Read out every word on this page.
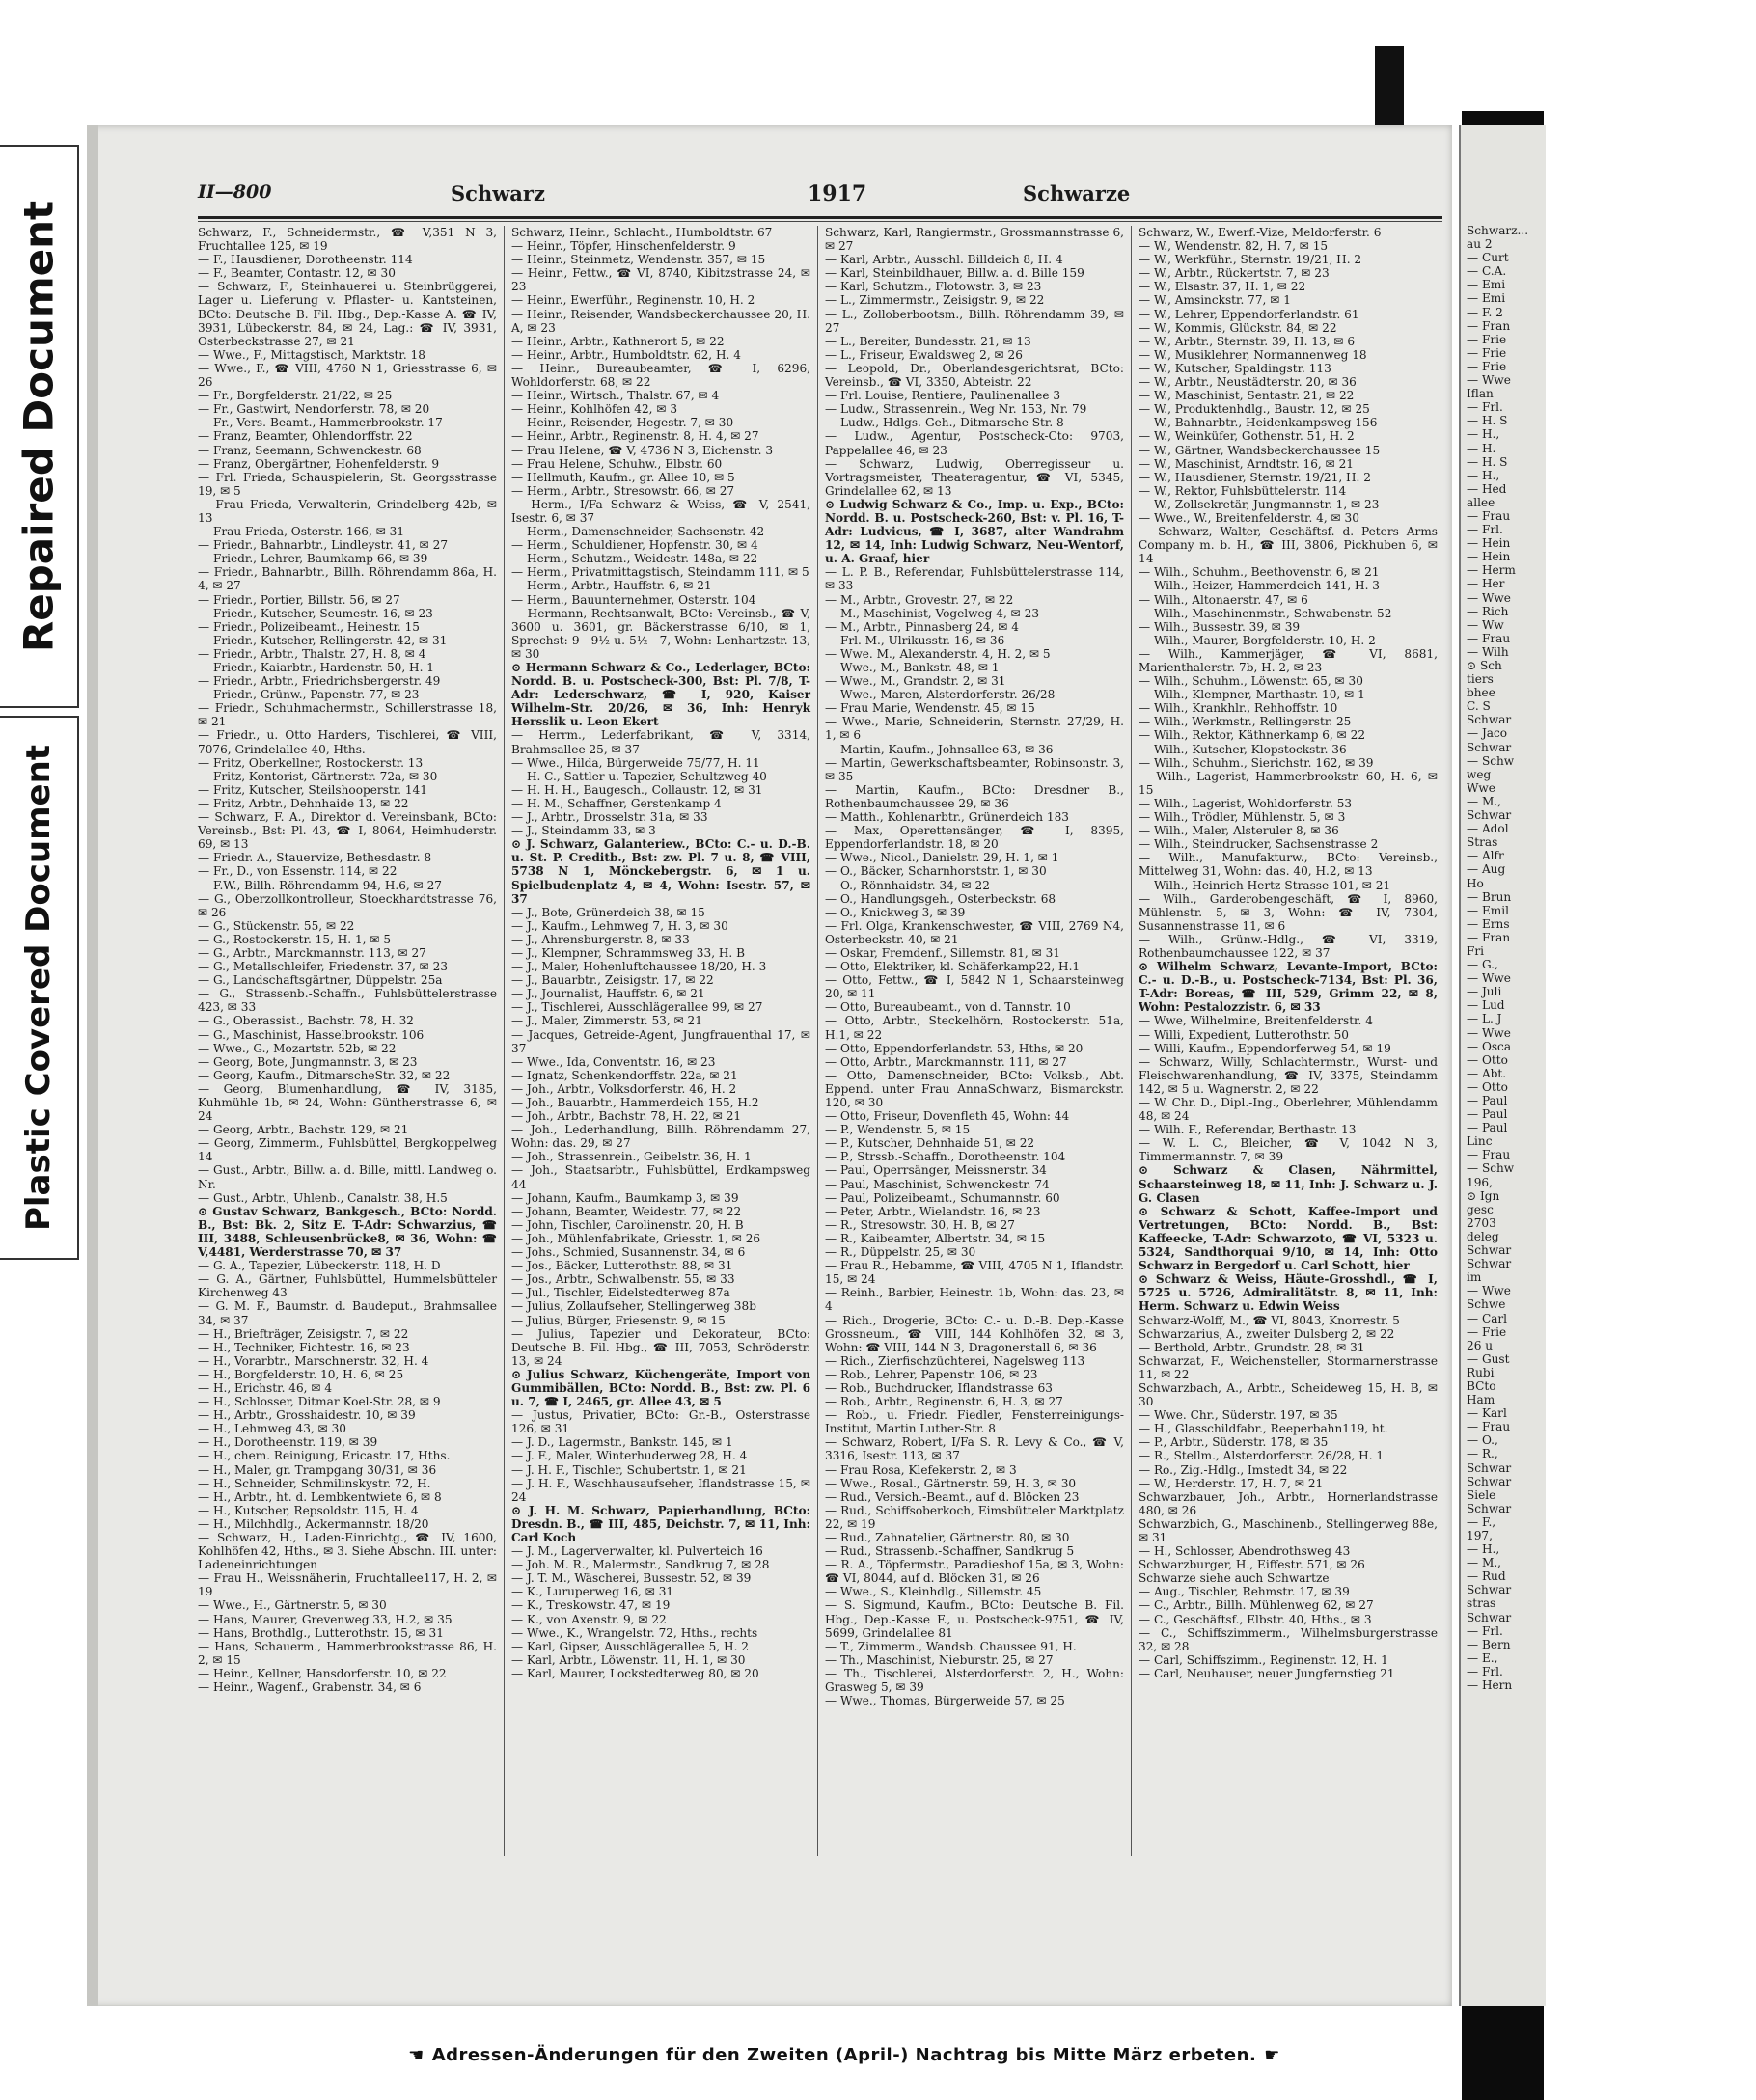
Repaired Document
Plastic Covered Document
II—800	Schwarz	1917	Schwarze

Schwarz, F., Schneidermstr., ☎ V,351 N 3, Fruchtallee 125, ✉ 19

— F., Hausdiener, Dorotheenstr. 114

— F., Beamter, Contastr. 12, ✉ 30

— Schwarz, F., Steinhauerei u. Steinbrüggerei, Lager u. Lieferung v. Pflaster- u. Kantsteinen, BCto: Deutsche B. Fil. Hbg., Dep.-Kasse A. ☎ IV, 3931, Lübeckerstr. 84, ✉ 24, Lag.: ☎ IV, 3931, Osterbeckstrasse 27, ✉ 21

— Wwe., F., Mittagstisch, Marktstr. 18

— Wwe., F., ☎ VIII, 4760 N 1, Griesstrasse 6, ✉ 26

— Fr., Borgfelderstr. 21/22, ✉ 25

— Fr., Gastwirt, Nendorferstr. 78, ✉ 20

— Fr., Vers.-Beamt., Hammerbrookstr. 17

— Franz, Beamter, Ohlendorffstr. 22

— Franz, Seemann, Schwenckestr. 68

— Franz, Obergärtner, Hohenfelderstr. 9

— Frl. Frieda, Schauspielerin, St. Georgsstrasse 19, ✉ 5

— Frau Frieda, Verwalterin, Grindelberg 42b, ✉ 13

— Frau Frieda, Osterstr. 166, ✉ 31

— Friedr., Bahnarbtr., Lindleystr. 41, ✉ 27

— Friedr., Lehrer, Baumkamp 66, ✉ 39

— Friedr., Bahnarbtr., Billh. Röhrendamm 86a, H. 4, ✉ 27

— Friedr., Portier, Billstr. 56, ✉ 27

— Friedr., Kutscher, Seumestr. 16, ✉ 23

— Friedr., Polizeibeamt., Heinestr. 15

— Friedr., Kutscher, Rellingerstr. 42, ✉ 31

— Friedr., Arbtr., Thalstr. 27, H. 8, ✉ 4

— Friedr., Kaiarbtr., Hardenstr. 50, H. 1

— Friedr., Arbtr., Friedrichsbergerstr. 49

— Friedr., Grünw., Papenstr. 77, ✉ 23

— Friedr., Schuhmachermstr., Schillerstrasse 18, ✉ 21

— Friedr., u. Otto Harders, Tischlerei, ☎ VIII, 7076, Grindelallee 40, Hths.

— Fritz, Oberkellner, Rostockerstr. 13

— Fritz, Kontorist, Gärtnerstr. 72a, ✉ 30

— Fritz, Kutscher, Steilshooperstr. 141

— Fritz, Arbtr., Dehnhaide 13, ✉ 22

— Schwarz, F. A., Direktor d. Vereinsbank, BCto: Vereinsb., Bst: Pl. 43, ☎ I, 8064, Heimhuderstr. 69, ✉ 13

— Friedr. A., Stauervize, Bethesdastr. 8

— Fr., D., von Essenstr. 114, ✉ 22

— F.W., Billh. Röhrendamm 94, H.6, ✉ 27

— G., Oberzollkontrolleur, Stoeckhardtstrasse 76, ✉ 26

— G., Stückenstr. 55, ✉ 22

— G., Rostockerstr. 15, H. 1, ✉ 5

— G., Arbtr., Marckmannstr. 113, ✉ 27

— G., Metallschleifer, Friedenstr. 37, ✉ 23

— G., Landschaftsgärtner, Düppelstr. 25a

— G., Strassenb.-Schaffn., Fuhlsbüttelerstrasse 423, ✉ 33

— G., Oberassist., Bachstr. 78, H. 32

— G., Maschinist, Hasselbrookstr. 106

— Wwe., G., Mozartstr. 52b, ✉ 22

— Georg, Bote, Jungmannstr. 3, ✉ 23

— Georg, Kaufm., DitmarscheStr. 32, ✉ 22

— Georg, Blumenhandlung, ☎ IV, 3185, Kuhmühle 1b, ✉ 24, Wohn: Güntherstrasse 6, ✉ 24

— Georg, Arbtr., Bachstr. 129, ✉ 21

— Georg, Zimmerm., Fuhlsbüttel, Bergkoppelweg 14

— Gust., Arbtr., Billw. a. d. Bille, mittl. Landweg o. Nr.

— Gust., Arbtr., Uhlenb., Canalstr. 38, H.5

⊙ Gustav Schwarz, Bankgesch., BCto: Nordd. B., Bst: Bk. 2, Sitz E. T-Adr: Schwarzius, ☎ III, 3488, Schleusenbrücke8, ✉ 36, Wohn: ☎ V,4481, Werderstrasse 70, ✉ 37

— G. A., Tapezier, Lübeckerstr. 118, H. D

— G. A., Gärtner, Fuhlsbüttel, Hummelsbütteler Kirchenweg 43

— G. M. F., Baumstr. d. Baudeput., Brahmsallee 34, ✉ 37

— H., Briefträger, Zeisigstr. 7, ✉ 22

— H., Techniker, Fichtestr. 16, ✉ 23

— H., Vorarbtr., Marschnerstr. 32, H. 4

— H., Borgfelderstr. 10, H. 6, ✉ 25

— H., Erichstr. 46, ✉ 4

— H., Schlosser, Ditmar Koel-Str. 28, ✉ 9

— H., Arbtr., Grosshaidestr. 10, ✉ 39

— H., Lehmweg 43, ✉ 30

— H., Dorotheenstr. 119, ✉ 39

— H., chem. Reinigung, Ericastr. 17, Hths.

— H., Maler, gr. Trampgang 30/31, ✉ 36

— H., Schneider, Schmilinskystr. 72, H.

— H., Arbtr., ht. d. Lembkentwiete 6, ✉ 8

— H., Kutscher, Repsoldstr. 115, H. 4

— H., Milchhdlg., Ackermannstr. 18/20

— Schwarz, H., Laden-Einrichtg., ☎ IV, 1600, Kohlhöfen 42, Hths., ✉ 3. Siehe Abschn. III. unter: Ladeneinrichtungen

— Frau H., Weissnäherin, Fruchtallee117, H. 2, ✉ 19

— Wwe., H., Gärtnerstr. 5, ✉ 30

— Hans, Maurer, Grevenweg 33, H.2, ✉ 35

— Hans, Brothdlg., Lutterothstr. 15, ✉ 31

— Hans, Schauerm., Hammerbrookstrasse 86, H. 2, ✉ 15

— Heinr., Kellner, Hansdorferstr. 10, ✉ 22

— Heinr., Wagenf., Grabenstr. 34, ✉ 6

Schwarz, Heinr., Schlacht., Humboldtstr. 67

— Heinr., Töpfer, Hinschenfelderstr. 9

— Heinr., Steinmetz, Wendenstr. 357, ✉ 15

— Heinr., Fettw., ☎ VI, 8740, Kibitzstrasse 24, ✉ 23

— Heinr., Ewerführ., Reginenstr. 10, H. 2

— Heinr., Reisender, Wandsbeckerchaussee 20, H. A, ✉ 23

— Heinr., Arbtr., Kathnerort 5, ✉ 22

— Heinr., Arbtr., Humboldtstr. 62, H. 4

— Heinr., Bureaubeamter, ☎ I, 6296, Wohldorferstr. 68, ✉ 22

— Heinr., Wirtsch., Thalstr. 67, ✉ 4

— Heinr., Kohlhöfen 42, ✉ 3

— Heinr., Reisender, Hegestr. 7, ✉ 30

— Heinr., Arbtr., Reginenstr. 8, H. 4, ✉ 27

— Frau Helene, ☎ V, 4736 N 3, Eichenstr. 3

— Frau Helene, Schuhw., Elbstr. 60

— Hellmuth, Kaufm., gr. Allee 10, ✉ 5

— Herm., Arbtr., Stresowstr. 66, ✉ 27

— Herm., I/Fa Schwarz & Weiss, ☎ V, 2541, Isestr. 6, ✉ 37

— Herm., Damenschneider, Sachsenstr. 42

— Herm., Schuldiener, Hopfenstr. 30, ✉ 4

— Herm., Schutzm., Weidestr. 148a, ✉ 22

— Herm., Privatmittagstisch, Steindamm 111, ✉ 5

— Herm., Arbtr., Hauffstr. 6, ✉ 21

— Herm., Bauunternehmer, Osterstr. 104

— Hermann, Rechtsanwalt, BCto: Vereinsb., ☎ V, 3600 u. 3601, gr. Bäckerstrasse 6/10, ✉ 1, Sprechst: 9—9½ u. 5½—7, Wohn: Lenhartzstr. 13, ✉ 30

⊙ Hermann Schwarz & Co., Lederlager, BCto: Nordd. B. u. Postscheck-300, Bst: Pl. 7/8, T-Adr: Lederschwarz, ☎ I, 920, Kaiser Wilhelm-Str. 20/26, ✉ 36, Inh: Henryk Hersslik u. Leon Ekert

— Herrm., Lederfabrikant, ☎ V, 3314, Brahmsallee 25, ✉ 37

— Wwe., Hilda, Bürgerweide 75/77, H. 11

— H. C., Sattler u. Tapezier, Schultzweg 40

— H. H. H., Baugesch., Collaustr. 12, ✉ 31

— H. M., Schaffner, Gerstenkamp 4

— J., Arbtr., Drosselstr. 31a, ✉ 33

— J., Steindamm 33, ✉ 3

⊙ J. Schwarz, Galanteriew., BCto: C.- u. D.-B. u. St. P. Creditb., Bst: zw. Pl. 7 u. 8, ☎ VIII, 5738 N 1, Mönckebergstr. 6, ✉ 1 u. Spielbudenplatz 4, ✉ 4, Wohn: Isestr. 57, ✉ 37

— J., Bote, Grünerdeich 38, ✉ 15

— J., Kaufm., Lehmweg 7, H. 3, ✉ 30

— J., Ahrensburgerstr. 8, ✉ 33

— J., Klempner, Schrammsweg 33, H. B

— J., Maler, Hohenluftchaussee 18/20, H. 3

— J., Bauarbtr., Zeisigstr. 17, ✉ 22

— J., Journalist, Hauffstr. 6, ✉ 21

— J., Tischlerei, Ausschlägerallee 99, ✉ 27

— J., Maler, Zimmerstr. 53, ✉ 21

— Jacques, Getreide-Agent, Jungfrauenthal 17, ✉ 37

— Wwe., Ida, Conventstr. 16, ✉ 23

— Ignatz, Schenkendorffstr. 22a, ✉ 21

— Joh., Arbtr., Volksdorferstr. 46, H. 2

— Joh., Bauarbtr., Hammerdeich 155, H.2

— Joh., Arbtr., Bachstr. 78, H. 22, ✉ 21

— Joh., Lederhandlung, Billh. Röhrendamm 27, Wohn: das. 29, ✉ 27

— Joh., Strassenrein., Geibelstr. 36, H. 1

— Joh., Staatsarbtr., Fuhlsbüttel, Erdkampsweg 44

— Johann, Kaufm., Baumkamp 3, ✉ 39

— Johann, Beamter, Weidestr. 77, ✉ 22

— John, Tischler, Carolinenstr. 20, H. B

— Joh., Mühlenfabrikate, Griesstr. 1, ✉ 26

— Johs., Schmied, Susannenstr. 34, ✉ 6

— Jos., Bäcker, Lutterothstr. 88, ✉ 31

— Jos., Arbtr., Schwalbenstr. 55, ✉ 33

— Jul., Tischler, Eidelstedterweg 87a

— Julius, Zollaufseher, Stellingerweg 38b

— Julius, Bürger, Friesenstr. 9, ✉ 15

— Julius, Tapezier und Dekorateur, BCto: Deutsche B. Fil. Hbg., ☎ III, 7053, Schröderstr. 13, ✉ 24

⊙ Julius Schwarz, Küchengeräte, Import von Gummibällen, BCto: Nordd. B., Bst: zw. Pl. 6 u. 7, ☎ I, 2465, gr. Allee 43, ✉ 5

— Justus, Privatier, BCto: Gr.-B., Osterstrasse 126, ✉ 31

— J. D., Lagermstr., Bankstr. 145, ✉ 1

— J. F., Maler, Winterhuderweg 28, H. 4

— J. H. F., Tischler, Schubertstr. 1, ✉ 21

— J. H. F., Waschhausaufseher, Iflandstrasse 15, ✉ 24

⊙ J. H. M. Schwarz, Papierhandlung, BCto: Dresdn. B., ☎ III, 485, Deichstr. 7, ✉ 11, Inh: Carl Koch

— J. M., Lagerverwalter, kl. Pulverteich 16

— Joh. M. R., Malermstr., Sandkrug 7, ✉ 28

— J. T. M., Wäscherei, Bussestr. 52, ✉ 39

— K., Luruperweg 16, ✉ 31

— K., Treskowstr. 47, ✉ 19

— K., von Axenstr. 9, ✉ 22

— Wwe., K., Wrangelstr. 72, Hths., rechts

— Karl, Gipser, Ausschlägerallee 5, H. 2

— Karl, Arbtr., Löwenstr. 11, H. 1, ✉ 30

— Karl, Maurer, Lockstedterweg 80, ✉ 20

Schwarz, Karl, Rangiermstr., Grossmannstrasse 6, ✉ 27

— Karl, Arbtr., Ausschl. Billdeich 8, H. 4

— Karl, Steinbildhauer, Billw. a. d. Bille 159

— Karl, Schutzm., Flotowstr. 3, ✉ 23

— L., Zimmermstr., Zeisigstr. 9, ✉ 22

— L., Zolloberbootsm., Billh. Röhrendamm 39, ✉ 27

— L., Bereiter, Bundesstr. 21, ✉ 13

— L., Friseur, Ewaldsweg 2, ✉ 26

— Leopold, Dr., Oberlandesgerichtsrat, BCto: Vereinsb., ☎ VI, 3350, Abteistr. 22

— Frl. Louise, Rentiere, Paulinenallee 3

— Ludw., Strassenrein., Weg Nr. 153, Nr. 79

— Ludw., Hdlgs.-Geh., Ditmarsche Str. 8

— Ludw., Agentur, Postscheck-Cto: 9703, Pappelallee 46, ✉ 23

— Schwarz, Ludwig, Oberregisseur u. Vortragsmeister, Theateragentur, ☎ VI, 5345, Grindelallee 62, ✉ 13

⊙ Ludwig Schwarz & Co., Imp. u. Exp., BCto: Nordd. B. u. Postscheck-260, Bst: v. Pl. 16, T-Adr: Ludvicus, ☎ I, 3687, alter Wandrahm 12, ✉ 14, Inh: Ludwig Schwarz, Neu-Wentorf, u. A. Graaf, hier

— L. P. B., Referendar, Fuhlsbüttelerstrasse 114, ✉ 33

— M., Arbtr., Grovestr. 27, ✉ 22

— M., Maschinist, Vogelweg 4, ✉ 23

— M., Arbtr., Pinnasberg 24, ✉ 4

— Frl. M., Ulrikusstr. 16, ✉ 36

— Wwe. M., Alexanderstr. 4, H. 2, ✉ 5

— Wwe., M., Bankstr. 48, ✉ 1

— Wwe., M., Grandstr. 2, ✉ 31

— Wwe., Maren, Alsterdorferstr. 26/28

— Frau Marie, Wendenstr. 45, ✉ 15

— Wwe., Marie, Schneiderin, Sternstr. 27/29, H. 1, ✉ 6

— Martin, Kaufm., Johnsallee 63, ✉ 36

— Martin, Gewerkschaftsbeamter, Robinsonstr. 3, ✉ 35

— Martin, Kaufm., BCto: Dresdner B., Rothenbaumchaussee 29, ✉ 36

— Matth., Kohlenarbtr., Grünerdeich 183

— Max, Operettensänger, ☎ I, 8395, Eppendorferlandstr. 18, ✉ 20

— Wwe., Nicol., Danielstr. 29, H. 1, ✉ 1

— O., Bäcker, Scharnhorststr. 1, ✉ 30

— O., Rönnhaidstr. 34, ✉ 22

— O., Handlungsgeh., Osterbeckstr. 68

— O., Knickweg 3, ✉ 39

— Frl. Olga, Krankenschwester, ☎ VIII, 2769 N4, Osterbeckstr. 40, ✉ 21

— Oskar, Fremdenf., Sillemstr. 81, ✉ 31

— Otto, Elektriker, kl. Schäferkamp22, H.1

— Otto, Fettw., ☎ I, 5842 N 1, Schaarsteinweg 20, ✉ 11

— Otto, Bureaubeamt., von d. Tannstr. 10

— Otto, Arbtr., Steckelhörn, Rostockerstr. 51a, H.1, ✉ 22

— Otto, Eppendorferlandstr. 53, Hths, ✉ 20

— Otto, Arbtr., Marckmannstr. 111, ✉ 27

— Otto, Damenschneider, BCto: Volksb., Abt. Eppend. unter Frau AnnaSchwarz, Bismarckstr. 120, ✉ 30

— Otto, Friseur, Dovenfleth 45, Wohn: 44

— P., Wendenstr. 5, ✉ 15

— P., Kutscher, Dehnhaide 51, ✉ 22

— P., Strssb.-Schaffn., Dorotheenstr. 104

— Paul, Operrsänger, Meissnerstr. 34

— Paul, Maschinist, Schwenckestr. 74

— Paul, Polizeibeamt., Schumannstr. 60

— Peter, Arbtr., Wielandstr. 16, ✉ 23

— R., Stresowstr. 30, H. B, ✉ 27

— R., Kaibeamter, Albertstr. 34, ✉ 15

— R., Düppelstr. 25, ✉ 30

— Frau R., Hebamme, ☎ VIII, 4705 N 1, Iflandstr. 15, ✉ 24

— Reinh., Barbier, Heinestr. 1b, Wohn: das. 23, ✉ 4

— Rich., Drogerie, BCto: C.- u. D.-B. Dep.-Kasse Grossneum., ☎ VIII, 144 Kohlhöfen 32, ✉ 3, Wohn: ☎ VIII, 144 N 3, Dragonerstall 6, ✉ 36

— Rich., Zierfischzüchterei, Nagelsweg 113

— Rob., Lehrer, Papenstr. 106, ✉ 23

— Rob., Buchdrucker, Iflandstrasse 63

— Rob., Arbtr., Reginenstr. 6, H. 3, ✉ 27

— Rob., u. Friedr. Fiedler, Fensterreinigungs-Institut, Martin Luther-Str. 8

— Schwarz, Robert, I/Fa S. R. Levy & Co., ☎ V, 3316, Isestr. 113, ✉ 37

— Frau Rosa, Klefekerstr. 2, ✉ 3

— Wwe., Rosal., Gärtnerstr. 59, H. 3, ✉ 30

— Rud., Versich.-Beamt., auf d. Blöcken 23

— Rud., Schiffsoberkoch, Eimsbütteler Marktplatz 22, ✉ 19

— Rud., Zahnatelier, Gärtnerstr. 80, ✉ 30

— Rud., Strassenb.-Schaffner, Sandkrug 5

— R. A., Töpfermstr., Paradieshof 15a, ✉ 3, Wohn: ☎ VI, 8044, auf d. Blöcken 31, ✉ 26

— Wwe., S., Kleinhdlg., Sillemstr. 45

— S. Sigmund, Kaufm., BCto: Deutsche B. Fil. Hbg., Dep.-Kasse F., u. Postscheck-9751, ☎ IV, 5699, Grindelallee 81

— T., Zimmerm., Wandsb. Chaussee 91, H.

— Th., Maschinist, Nieburstr. 25, ✉ 27

— Th., Tischlerei, Alsterdorferstr. 2, H., Wohn: Grasweg 5, ✉ 39

— Wwe., Thomas, Bürgerweide 57, ✉ 25

Schwarz, W., Ewerf.-Vize, Meldorferstr. 6

— W., Wendenstr. 82, H. 7, ✉ 15

— W., Werkführ., Sternstr. 19/21, H. 2

— W., Arbtr., Rückertstr. 7, ✉ 23

— W., Elsastr. 37, H. 1, ✉ 22

— W., Amsinckstr. 77, ✉ 1

— W., Lehrer, Eppendorferlandstr. 61

— W., Kommis, Glückstr. 84, ✉ 22

— W., Arbtr., Sternstr. 39, H. 13, ✉ 6

— W., Musiklehrer, Normannenweg 18

— W., Kutscher, Spaldingstr. 113

— W., Arbtr., Neustädterstr. 20, ✉ 36

— W., Maschinist, Sentastr. 21, ✉ 22

— W., Produktenhdlg., Baustr. 12, ✉ 25

— W., Bahnarbtr., Heidenkampsweg 156

— W., Weinküfer, Gothenstr. 51, H. 2

— W., Gärtner, Wandsbeckerchaussee 15

— W., Maschinist, Arndtstr. 16, ✉ 21

— W., Hausdiener, Sternstr. 19/21, H. 2

— W., Rektor, Fuhlsbüttelerstr. 114

— W., Zollsekretär, Jungmannstr. 1, ✉ 23

— Wwe., W., Breitenfelderstr. 4, ✉ 30

— Schwarz, Walter, Geschäftsf. d. Peters Arms Company m. b. H., ☎ III, 3806, Pickhuben 6, ✉ 14

— Wilh., Schuhm., Beethovenstr. 6, ✉ 21

— Wilh., Heizer, Hammerdeich 141, H. 3

— Wilh., Altonaerstr. 47, ✉ 6

— Wilh., Maschinenmstr., Schwabenstr. 52

— Wilh., Bussestr. 39, ✉ 39

— Wilh., Maurer, Borgfelderstr. 10, H. 2

— Wilh., Kammerjäger, ☎ VI, 8681, Marienthalerstr. 7b, H. 2, ✉ 23

— Wilh., Schuhm., Löwenstr. 65, ✉ 30

— Wilh., Klempner, Marthastr. 10, ✉ 1

— Wilh., Krankhlr., Rehhoffstr. 10

— Wilh., Werkmstr., Rellingerstr. 25

— Wilh., Rektor, Käthnerkamp 6, ✉ 22

— Wilh., Kutscher, Klopstockstr. 36

— Wilh., Schuhm., Sierichstr. 162, ✉ 39

— Wilh., Lagerist, Hammerbrookstr. 60, H. 6, ✉ 15

— Wilh., Lagerist, Wohldorferstr. 53

— Wilh., Trödler, Mühlenstr. 5, ✉ 3

— Wilh., Maler, Alsteruler 8, ✉ 36

— Wilh., Steindrucker, Sachsenstrasse 2

— Wilh., Manufakturw., BCto: Vereinsb., Mittelweg 31, Wohn: das. 40, H.2, ✉ 13

— Wilh., Heinrich Hertz-Strasse 101, ✉ 21

— Wilh., Garderobengeschäft, ☎ I, 8960, Mühlenstr. 5, ✉ 3, Wohn: ☎ IV, 7304, Susannenstrasse 11, ✉ 6

— Wilh., Grünw.-Hdlg., ☎ VI, 3319, Rothenbaumchaussee 122, ✉ 37

⊙ Wilhelm Schwarz, Levante-Import, BCto: C.- u. D.-B., u. Postscheck-7134, Bst: Pl. 36, T-Adr: Boreas, ☎ III, 529, Grimm 22, ✉ 8, Wohn: Pestalozzistr. 6, ✉ 33

— Wwe, Wilhelmine, Breitenfelderstr. 4

— Willi, Expedient, Lutterothstr. 50

— Willi, Kaufm., Eppendorferweg 54, ✉ 19

— Schwarz, Willy, Schlachtermstr., Wurst- und Fleischwarenhandlung, ☎ IV, 3375, Steindamm 142, ✉ 5 u. Wagnerstr. 2, ✉ 22

— W. Chr. D., Dipl.-Ing., Oberlehrer, Mühlendamm 48, ✉ 24

— Wilh. F., Referendar, Berthastr. 13

— W. L. C., Bleicher, ☎ V, 1042 N 3, Timmermannstr. 7, ✉ 39

⊙ Schwarz & Clasen, Nährmittel, Schaarsteinweg 18, ✉ 11, Inh: J. Schwarz u. J. G. Clasen

⊙ Schwarz & Schott, Kaffee-Import und Vertretungen, BCto: Nordd. B., Bst: Kaffeecke, T-Adr: Schwarzoto, ☎ VI, 5323 u. 5324, Sandthorquai 9/10, ✉ 14, Inh: Otto Schwarz in Bergedorf u. Carl Schott, hier

⊙ Schwarz & Weiss, Häute-Grosshdl., ☎ I, 5725 u. 5726, Admiralitätstr. 8, ✉ 11, Inh: Herm. Schwarz u. Edwin Weiss

Schwarz-Wolff, M., ☎ VI, 8043, Knorrestr. 5

Schwarzarius, A., zweiter Dulsberg 2, ✉ 22

— Berthold, Arbtr., Grundstr. 28, ✉ 31

Schwarzat, F., Weichensteller, Stormarnerstrasse 11, ✉ 22

Schwarzbach, A., Arbtr., Scheideweg 15, H. B, ✉ 30

— Wwe. Chr., Süderstr. 197, ✉ 35

— H., Glasschildfabr., Reeperbahn119, ht.

— P., Arbtr., Süderstr. 178, ✉ 35

— R., Stellm., Alsterdorferstr. 26/28, H. 1

— Ro., Zig.-Hdlg., Imstedt 34, ✉ 22

— W., Herderstr. 17, H. 7, ✉ 21

Schwarzbauer, Joh., Arbtr., Hornerlandstrasse 480, ✉ 26

Schwarzbich, G., Maschinenb., Stellingerweg 88e, ✉ 31

— H., Schlosser, Abendrothsweg 43

Schwarzburger, H., Eiffestr. 571, ✉ 26

Schwarze siehe auch Schwartze

— Aug., Tischler, Rehmstr. 17, ✉ 39

— C., Arbtr., Billh. Mühlenweg 62, ✉ 27

— C., Geschäftsf., Elbstr. 40, Hths., ✉ 3

— C., Schiffszimmerm., Wilhelmsburgerstrasse 32, ✉ 28

— Carl, Schiffszimm., Reginenstr. 12, H. 1

— Carl, Neuhauser, neuer Jungfernstieg 21

☚ Adressen-Änderungen für den Zweiten (April-) Nachtrag bis Mitte März erbeten. ☛

Schwarz...

au 2

— Curt

— C.A.

— Emi

— Emi

— F. 2

— Fran

— Frie

— Frie

— Frie

— Wwe

Iflan

— Frl.

— H. S

— H.,

— H.

— H. S

— H.,

— Hed

allee

— Frau

— Frl.

— Hein

— Hein

— Herm

— Her

— Wwe

— Rich

— Ww

— Frau

— Wilh

⊙ Sch

tiers

bhee

C. S

Schwar

— Jaco

Schwar

— Schw

weg

Wwe

— M.,

Schwar

— Adol

Stras

— Alfr

— Aug

Ho

— Brun

— Emil

— Erns

— Fran

Fri

— G.,

— Wwe

— Juli

— Lud

— L. J

— Wwe

— Osca

— Otto

— Abt.

— Otto

— Paul

— Paul

— Paul

Linc

— Frau

— Schw

196,

⊙ Ign

gesc

2703

deleg

Schwar

Schwar

im

— Wwe

Schwe

— Carl

— Frie

26 u

— Gust

Rubi

BCto

Ham

— Karl

— Frau

— O.,

— R.,

Schwar

Schwar

Siele

Schwar

— F.,

197,

— H.,

— M.,

— Rud

Schwar

stras

Schwar

— Frl.

— Bern

— E.,

— Frl.

— Hern
